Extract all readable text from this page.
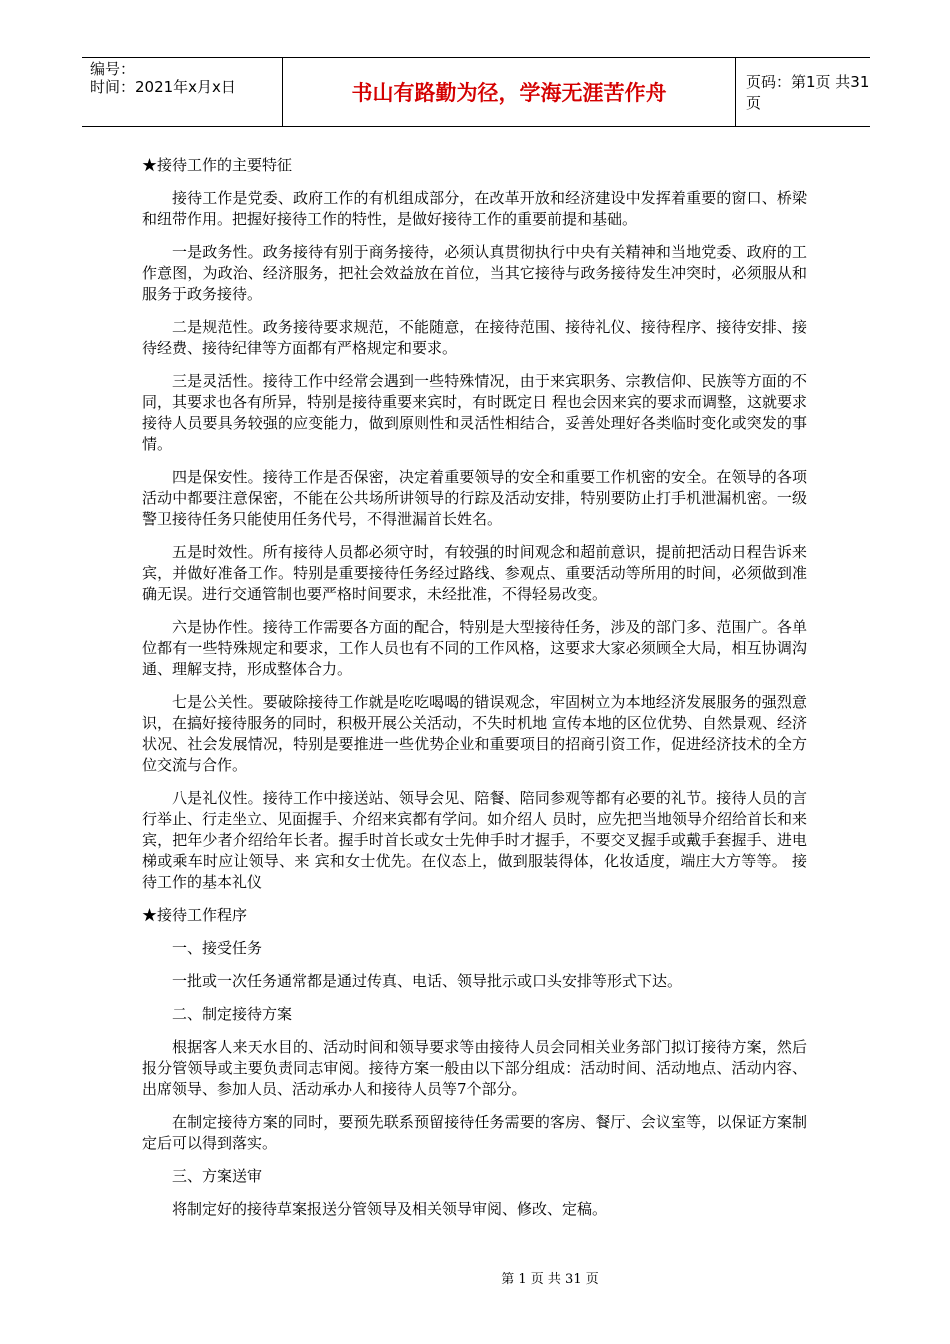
编号：
时间：2021年x月x日	书山有路勤为径，学海无涯苦作舟	页码：第1页 共31页

★接待工作的主要特征

接待工作是党委、政府工作的有机组成部分，在改革开放和经济建设中发挥着重要的窗口、桥梁和纽带作用。把握好接待工作的特性，是做好接待工作的重要前提和基础。

一是政务性。政务接待有别于商务接待，必须认真贯彻执行中央有关精神和当地党委、政府的工作意图，为政治、经济服务，把社会效益放在首位，当其它接待与政务接待发生冲突时，必须服从和服务于政务接待。

二是规范性。政务接待要求规范，不能随意，在接待范围、接待礼仪、接待程序、接待安排、接待经费、接待纪律等方面都有严格规定和要求。

三是灵活性。接待工作中经常会遇到一些特殊情况，由于来宾职务、宗教信仰、民族等方面的不同，其要求也各有所异，特别是接待重要来宾时，有时既定日 程也会因来宾的要求而调整，这就要求接待人员要具务较强的应变能力，做到原则性和灵活性相结合，妥善处理好各类临时变化或突发的事情。

四是保安性。接待工作是否保密，决定着重要领导的安全和重要工作机密的安全。在领导的各项活动中都要注意保密，不能在公共场所讲领导的行踪及活动安排，特别要防止打手机泄漏机密。一级警卫接待任务只能使用任务代号，不得泄漏首长姓名。

五是时效性。所有接待人员都必须守时，有较强的时间观念和超前意识，提前把活动日程告诉来宾，并做好准备工作。特别是重要接待任务经过路线、参观点、重要活动等所用的时间，必须做到准确无误。进行交通管制也要严格时间要求，未经批准，不得轻易改变。

六是协作性。接待工作需要各方面的配合，特别是大型接待任务，涉及的部门多、范围广。各单位都有一些特殊规定和要求，工作人员也有不同的工作风格，这要求大家必须顾全大局，相互协调沟通、理解支持，形成整体合力。

七是公关性。要破除接待工作就是吃吃喝喝的错误观念，牢固树立为本地经济发展服务的强烈意识，在搞好接待服务的同时，积极开展公关活动，不失时机地 宣传本地的区位优势、自然景观、经济状况、社会发展情况，特别是要推进一些优势企业和重要项目的招商引资工作，促进经济技术的全方位交流与合作。

八是礼仪性。接待工作中接送站、领导会见、陪餐、陪同参观等都有必要的礼节。接待人员的言行举止、行走坐立、见面握手、介绍来宾都有学问。如介绍人 员时，应先把当地领导介绍给首长和来宾，把年少者介绍给年长者。握手时首长或女士先伸手时才握手，不要交叉握手或戴手套握手、进电梯或乘车时应让领导、来 宾和女士优先。在仪态上，做到服装得体，化妆适度，端庄大方等等。 接待工作的基本礼仪

★接待工作程序

一、接受任务

一批或一次任务通常都是通过传真、电话、领导批示或口头安排等形式下达。

二、制定接待方案

根据客人来天水目的、活动时间和领导要求等由接待人员会同相关业务部门拟订接待方案，然后报分管领导或主要负责同志审阅。接待方案一般由以下部分组成：活动时间、活动地点、活动内容、出席领导、参加人员、活动承办人和接待人员等7个部分。

在制定接待方案的同时，要预先联系预留接待任务需要的客房、餐厅、会议室等，以保证方案制定后可以得到落实。

三、方案送审

将制定好的接待草案报送分管领导及相关领导审阅、修改、定稿。

第 1 页 共 31 页
